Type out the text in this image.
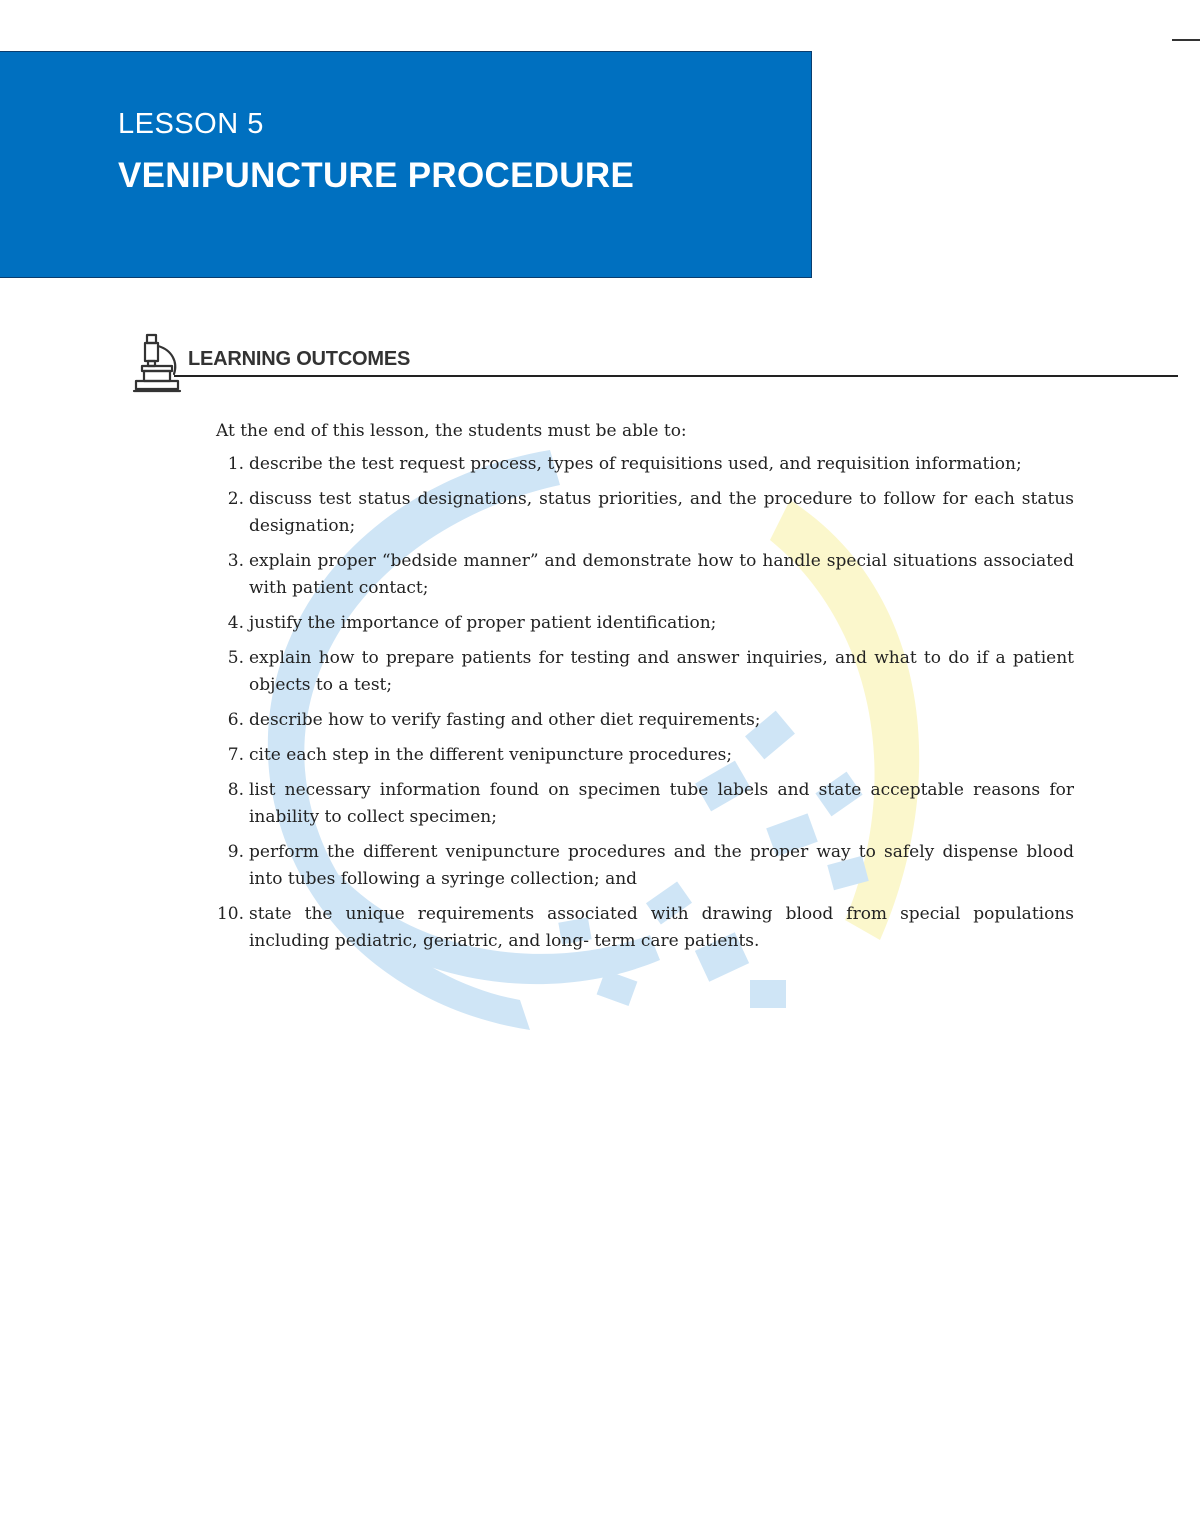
LESSON 5
VENIPUNCTURE PROCEDURE
LEARNING OUTCOMES
At the end of this lesson, the students must be able to:
1. describe the test request process, types of requisitions used, and requisition information;
2. discuss test status designations, status priorities, and the procedure to follow for each status designation;
3. explain proper “bedside manner” and demonstrate how to handle special situations associated with patient contact;
4. justify the importance of proper patient identification;
5. explain how to prepare patients for testing and answer inquiries, and what to do if a patient objects to a test;
6. describe how to verify fasting and other diet requirements;
7. cite each step in the different venipuncture procedures;
8. list necessary information found on specimen tube labels and state acceptable reasons for inability to collect specimen;
9. perform the different venipuncture procedures and the proper way to safely dispense blood into tubes following a syringe collection; and
10. state the unique requirements associated with drawing blood from special populations including pediatric, geriatric, and long- term care patients.
